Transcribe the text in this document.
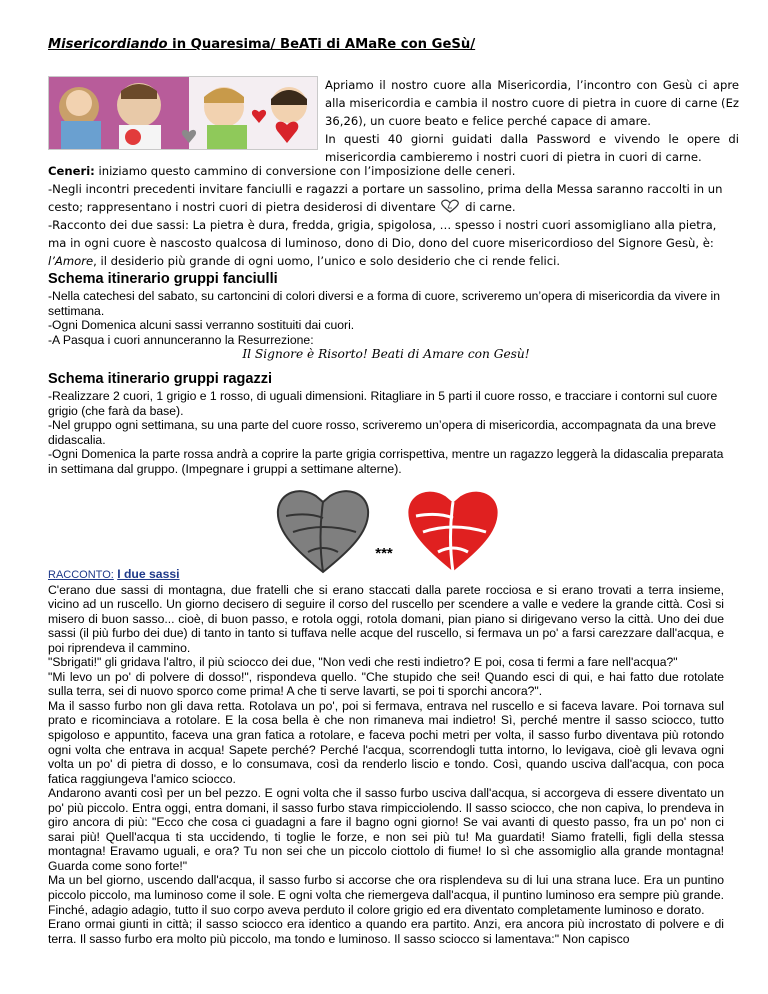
Misericordiando in Quaresima/ BeATi di AMaRe con GeSù/

Apriamo il nostro cuore alla Misericordia, l’incontro con Gesù ci apre alla misericordia e cambia il nostro cuore di pietra in cuore di carne (Ez 36,26), un cuore beato e felice perché capace di amare.

In questi 40 giorni guidati dalla Password e vivendo le opere di misericordia cambieremo i nostri cuori di pietra in cuori di carne.

Ceneri: iniziamo questo cammino di conversione con l’imposizione delle ceneri.

-Negli incontri precedenti invitare fanciulli e ragazzi a portare un sassolino, prima della Messa saranno raccolti in un cesto; rappresentano i nostri cuori di pietra desiderosi di diventare  di carne.

-Racconto dei due sassi: La pietra è dura, fredda, grigia, spigolosa, … spesso i nostri cuori assomigliano alla pietra, ma in ogni cuore è nascosto qualcosa di luminoso, dono di Dio, dono del cuore misericordioso del Signore Gesù, è: l’Amore, il desiderio più grande di ogni uomo, l’unico e solo desiderio che ci rende felici.

Schema itinerario gruppi fanciulli

-Nella catechesi del sabato, su cartoncini di colori diversi e a forma di cuore, scriveremo un’opera di misericordia da vivere in settimana.

-Ogni Domenica alcuni sassi verranno sostituiti dai cuori.

-A Pasqua i cuori annunceranno la Resurrezione:

Il Signore è Risorto! Beati di Amare con Gesù!

Schema itinerario gruppi ragazzi

-Realizzare 2 cuori, 1 grigio e 1 rosso, di uguali dimensioni. Ritagliare in 5 parti il cuore rosso, e tracciare i contorni sul cuore grigio (che farà da base).

-Nel gruppo ogni settimana, su una parte del cuore rosso, scriveremo un’opera di misericordia, accompagnata da una breve didascalia.

-Ogni Domenica la parte rossa andrà a coprire la parte grigia corrispettiva, mentre un ragazzo leggerà la didascalia preparata in settimana dal gruppo. (Impegnare i gruppi a settimane alterne).

***

RACCONTO: I due sassi

C'erano due sassi di montagna, due fratelli che si erano staccati dalla parete rocciosa e si erano trovati a terra insieme, vicino ad un ruscello. Un giorno decisero di seguire il corso del ruscello per scendere a valle e vedere la grande città. Così si misero di buon sasso... cioè, di buon passo, e rotola oggi, rotola domani, pian piano si dirigevano verso la città. Uno dei due sassi (il più furbo dei due) di tanto in tanto si tuffava nelle acque del ruscello, si fermava un po' a farsi carezzare dall'acqua, e poi riprendeva il cammino.

"Sbrigati!" gli gridava l'altro, il più sciocco dei due, "Non vedi che resti indietro? E poi, cosa ti fermi a fare nell'acqua?"

"Mi levo un po' di polvere di dosso!", rispondeva quello. "Che stupido che sei! Quando esci di qui, e hai fatto due rotolate sulla terra, sei di nuovo sporco come prima! A che ti serve lavarti, se poi ti sporchi ancora?".

Ma il sasso furbo non gli dava retta. Rotolava un po', poi si fermava, entrava nel ruscello e si faceva lavare. Poi tornava sul prato e ricominciava a rotolare. E la cosa bella è che non rimaneva mai indietro! Sì, perché mentre il sasso sciocco, tutto spigoloso e appuntito, faceva una gran fatica a rotolare, e faceva pochi metri per volta, il sasso furbo diventava più rotondo ogni volta che entrava in acqua! Sapete perché? Perché l'acqua, scorrendogli tutta intorno, lo levigava, cioè gli levava ogni volta un po' di pietra di dosso, e lo consumava, così da renderlo liscio e tondo. Così, quando usciva dall'acqua, con poca fatica raggiungeva l'amico sciocco.

Andarono avanti così per un bel pezzo. E ogni volta che il sasso furbo usciva dall'acqua, si accorgeva di essere diventato un po' più piccolo. Entra oggi, entra domani, il sasso furbo stava rimpicciolendo. Il sasso sciocco, che non capiva, lo prendeva in giro ancora di più: "Ecco che cosa ci guadagni a fare il bagno ogni giorno! Se vai avanti di questo passo, fra un po' non ci sarai più! Quell'acqua ti sta uccidendo, ti toglie le forze, e non sei più tu! Ma guardati! Siamo fratelli, figli della stessa montagna! Eravamo uguali, e ora? Tu non sei che un piccolo ciottolo di fiume! Io sì che assomiglio alla grande montagna! Guarda come sono forte!"

Ma un bel giorno, uscendo dall'acqua, il sasso furbo si accorse che ora risplendeva su di lui una strana luce. Era un puntino piccolo piccolo, ma luminoso come il sole. E ogni volta che riemergeva dall'acqua, il puntino luminoso era sempre più grande. Finché, adagio adagio, tutto il suo corpo aveva perduto il colore grigio ed era diventato completamente luminoso e dorato.

Erano ormai giunti in città; il sasso sciocco era identico a quando era partito. Anzi, era ancora più incrostato di polvere e di terra. Il sasso furbo era molto più piccolo, ma tondo e luminoso. Il sasso sciocco si lamentava:" Non capisco
